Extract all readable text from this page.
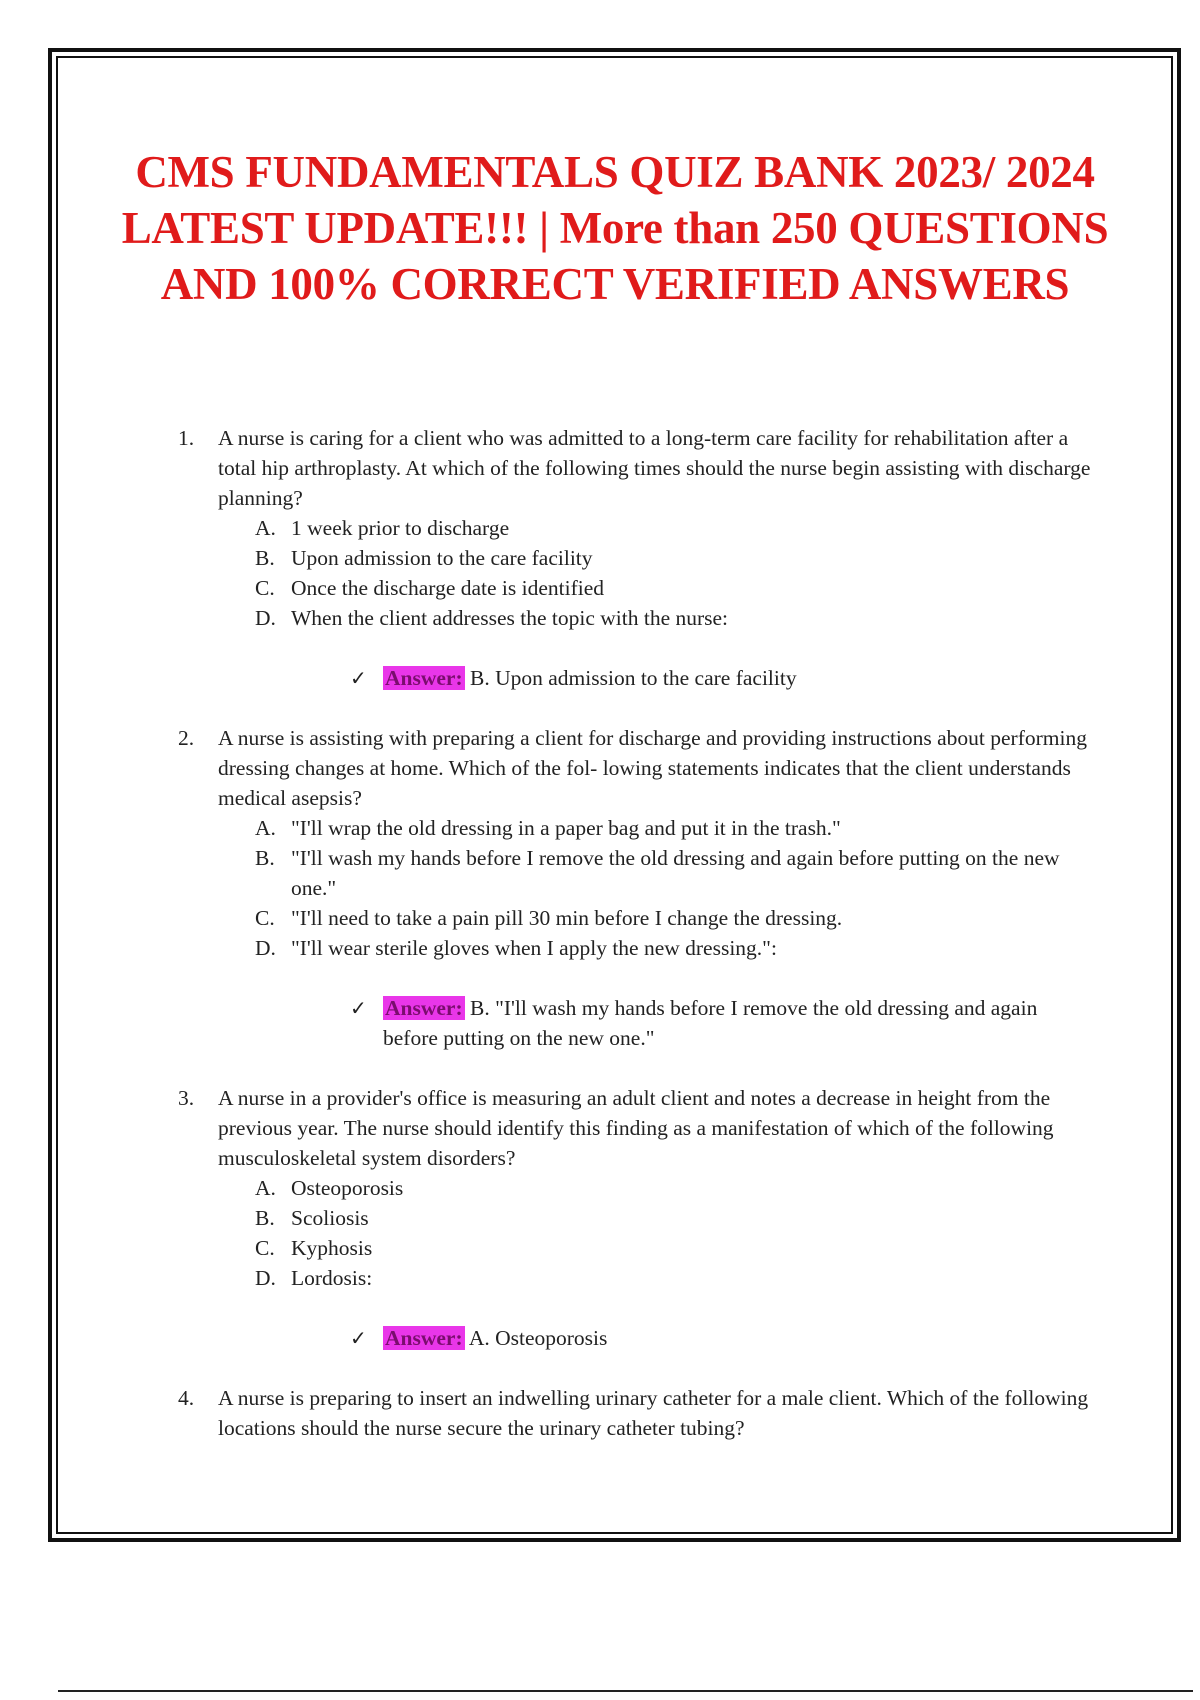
CMS FUNDAMENTALS QUIZ BANK 2023/ 2024 LATEST UPDATE!!! | More than 250 QUESTIONS AND 100% CORRECT VERIFIED ANSWERS
1. A nurse is caring for a client who was admitted to a long-term care facility for rehabilitation after a total hip arthroplasty. At which of the following times should the nurse begin assisting with discharge planning?
A. 1 week prior to discharge
B. Upon admission to the care facility
C. Once the discharge date is identified
D. When the client addresses the topic with the nurse:
✓ Answer: B. Upon admission to the care facility
2. A nurse is assisting with preparing a client for discharge and providing instructions about performing dressing changes at home. Which of the fol- lowing statements indicates that the client understands medical asepsis?
A. "I'll wrap the old dressing in a paper bag and put it in the trash."
B. "I'll wash my hands before I remove the old dressing and again before putting on the new one."
C. "I'll need to take a pain pill 30 min before I change the dressing.
D. "I'll wear sterile gloves when I apply the new dressing.":
✓ Answer: B. "I'll wash my hands before I remove the old dressing and again before putting on the new one."
3. A nurse in a provider's office is measuring an adult client and notes a decrease in height from the previous year. The nurse should identify this finding as a manifestation of which of the following musculoskeletal system disorders?
A. Osteoporosis
B. Scoliosis
C. Kyphosis
D. Lordosis:
✓ Answer: A. Osteoporosis
4. A nurse is preparing to insert an indwelling urinary catheter for a male client. Which of the following locations should the nurse secure the urinary catheter tubing?
